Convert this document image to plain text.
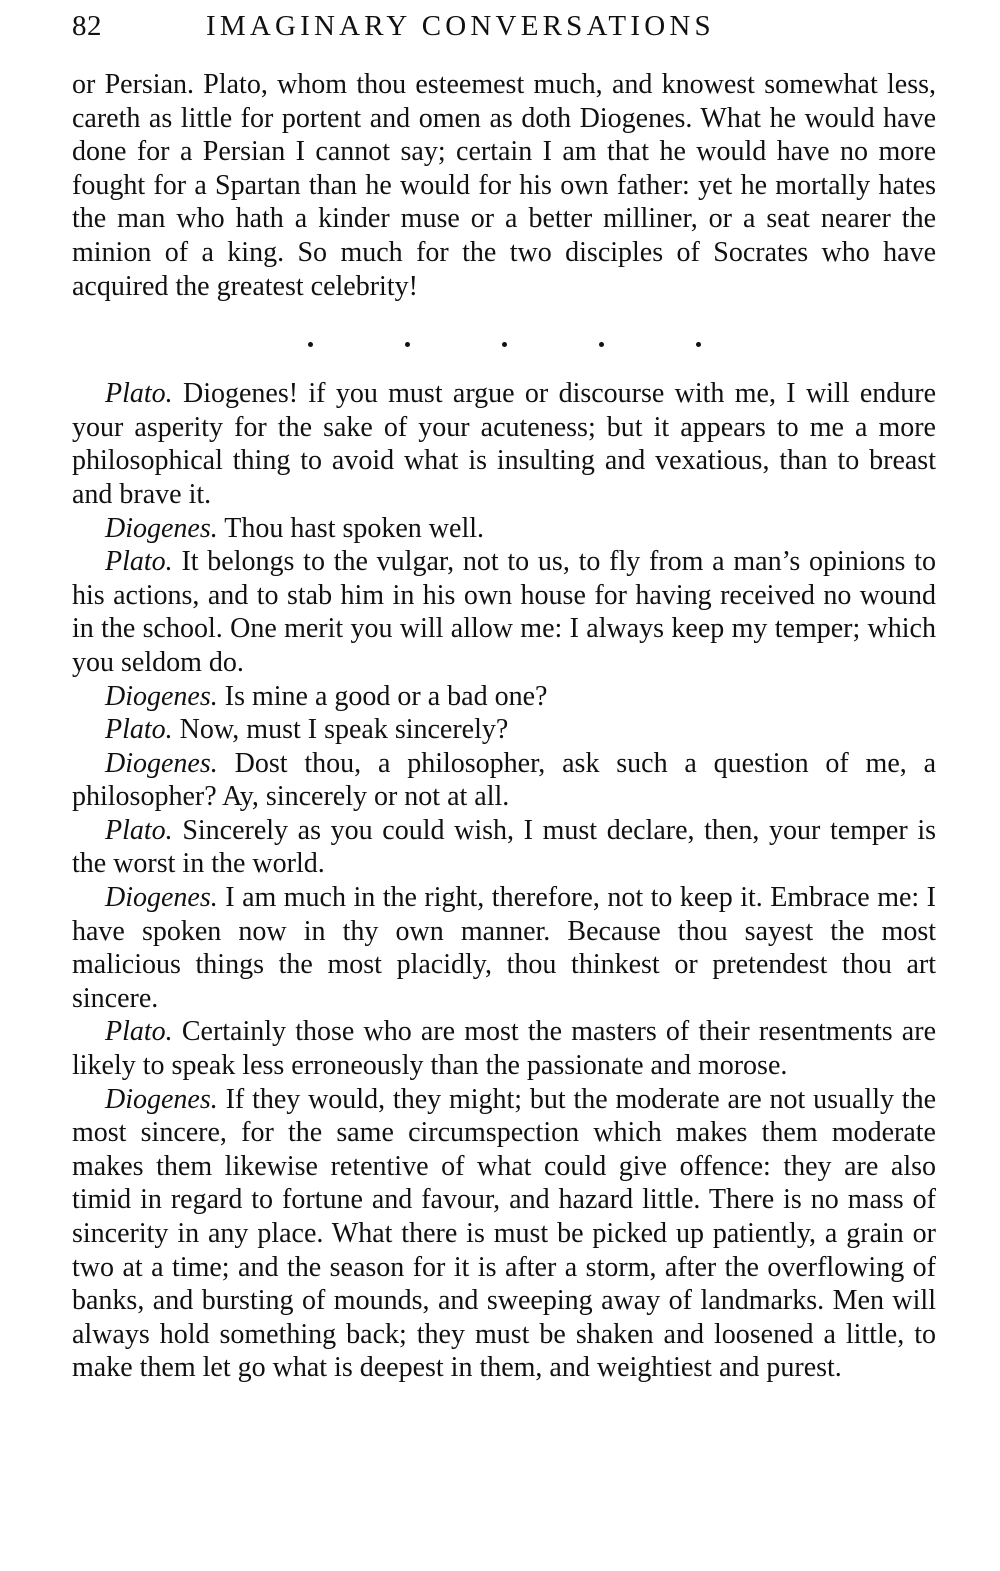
82	IMAGINARY CONVERSATIONS

or Persian. Plato, whom thou esteemest much, and knowest somewhat less, careth as little for portent and omen as doth Diogenes. What he would have done for a Persian I cannot say; certain I am that he would have no more fought for a Spartan than he would for his own father: yet he mortally hates the man who hath a kinder muse or a better milliner, or a seat nearer the minion of a king. So much for the two disciples of Socrates who have acquired the greatest celebrity!

Plato. Diogenes! if you must argue or discourse with me, I will endure your asperity for the sake of your acuteness; but it appears to me a more philosophical thing to avoid what is insulting and vexatious, than to breast and brave it.

Diogenes. Thou hast spoken well.

Plato. It belongs to the vulgar, not to us, to fly from a man’s opinions to his actions, and to stab him in his own house for having received no wound in the school. One merit you will allow me: I always keep my temper; which you seldom do.

Diogenes. Is mine a good or a bad one?

Plato. Now, must I speak sincerely?

Diogenes. Dost thou, a philosopher, ask such a question of me, a philosopher? Ay, sincerely or not at all.

Plato. Sincerely as you could wish, I must declare, then, your temper is the worst in the world.

Diogenes. I am much in the right, therefore, not to keep it. Embrace me: I have spoken now in thy own manner. Because thou sayest the most malicious things the most placidly, thou thinkest or pretendest thou art sincere.

Plato. Certainly those who are most the masters of their resentments are likely to speak less erroneously than the passionate and morose.

Diogenes. If they would, they might; but the moderate are not usually the most sincere, for the same circumspection which makes them moderate makes them likewise retentive of what could give offence: they are also timid in regard to fortune and favour, and hazard little. There is no mass of sincerity in any place. What there is must be picked up patiently, a grain or two at a time; and the season for it is after a storm, after the overflowing of banks, and bursting of mounds, and sweeping away of landmarks. Men will always hold something back; they must be shaken and loosened a little, to make them let go what is deepest in them, and weightiest and purest.
